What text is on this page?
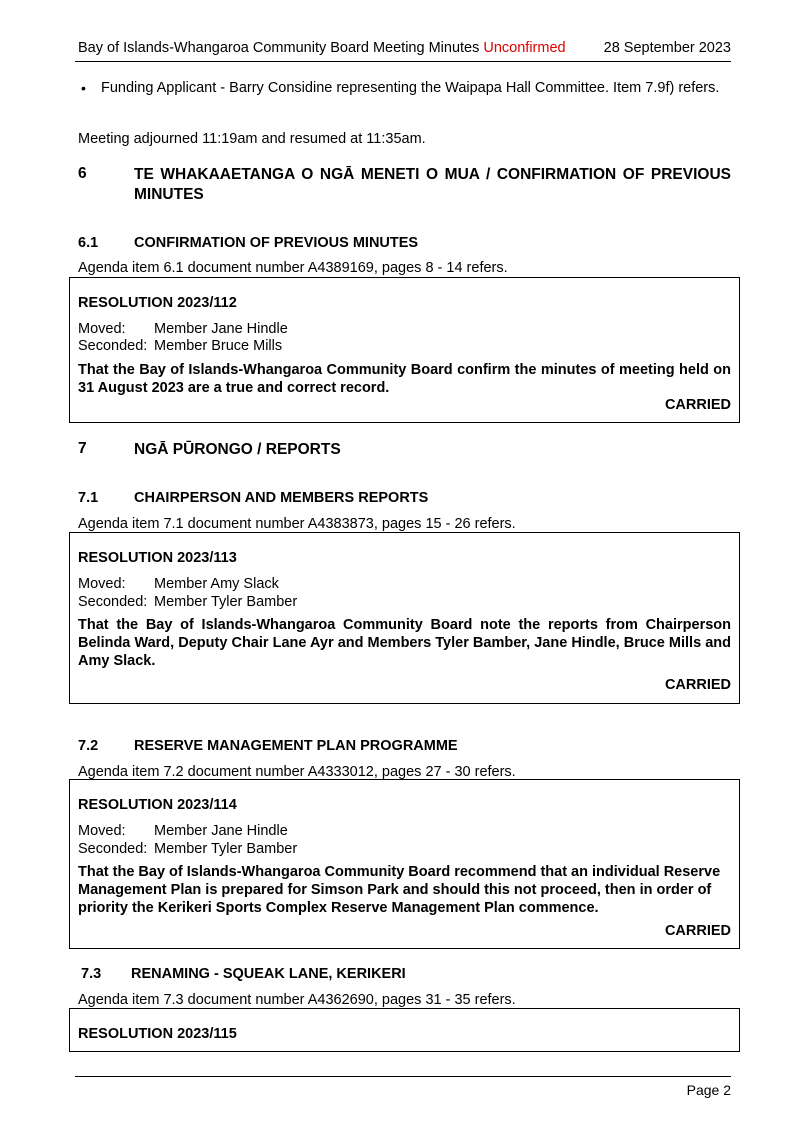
Bay of Islands-Whangaroa Community Board Meeting Minutes Unconfirmed	28 September 2023
• Funding Applicant - Barry Considine representing the Waipapa Hall Committee. Item 7.9f) refers.
Meeting adjourned 11:19am and resumed at 11:35am.
6	TE WHAKAAETANGA O NGĀ MENETI O MUA / CONFIRMATION OF PREVIOUS MINUTES
6.1 CONFIRMATION OF PREVIOUS MINUTES
Agenda item 6.1 document number A4389169, pages 8 - 14 refers.
RESOLUTION 2023/112
Moved: Member Jane Hindle
Seconded: Member Bruce Mills
That the Bay of Islands-Whangaroa Community Board confirm the minutes of meeting held on 31 August 2023 are a true and correct record.
CARRIED
7	NGĀ PŪRONGO / REPORTS
7.1 CHAIRPERSON AND MEMBERS REPORTS
Agenda item 7.1 document number A4383873, pages 15 - 26 refers.
RESOLUTION 2023/113
Moved: Member Amy Slack
Seconded: Member Tyler Bamber
That the Bay of Islands-Whangaroa Community Board note the reports from Chairperson Belinda Ward, Deputy Chair Lane Ayr and Members Tyler Bamber, Jane Hindle, Bruce Mills and Amy Slack.
CARRIED
7.2 RESERVE MANAGEMENT PLAN PROGRAMME
Agenda item 7.2 document number A4333012, pages 27 - 30 refers.
RESOLUTION 2023/114
Moved: Member Jane Hindle
Seconded: Member Tyler Bamber
That the Bay of Islands-Whangaroa Community Board recommend that an individual Reserve Management Plan is prepared for Simson Park and should this not proceed, then in order of priority the Kerikeri Sports Complex Reserve Management Plan commence.
CARRIED
7.3 RENAMING - SQUEAK LANE, KERIKERI
Agenda item 7.3 document number A4362690, pages 31 - 35 refers.
RESOLUTION 2023/115
Page 2
